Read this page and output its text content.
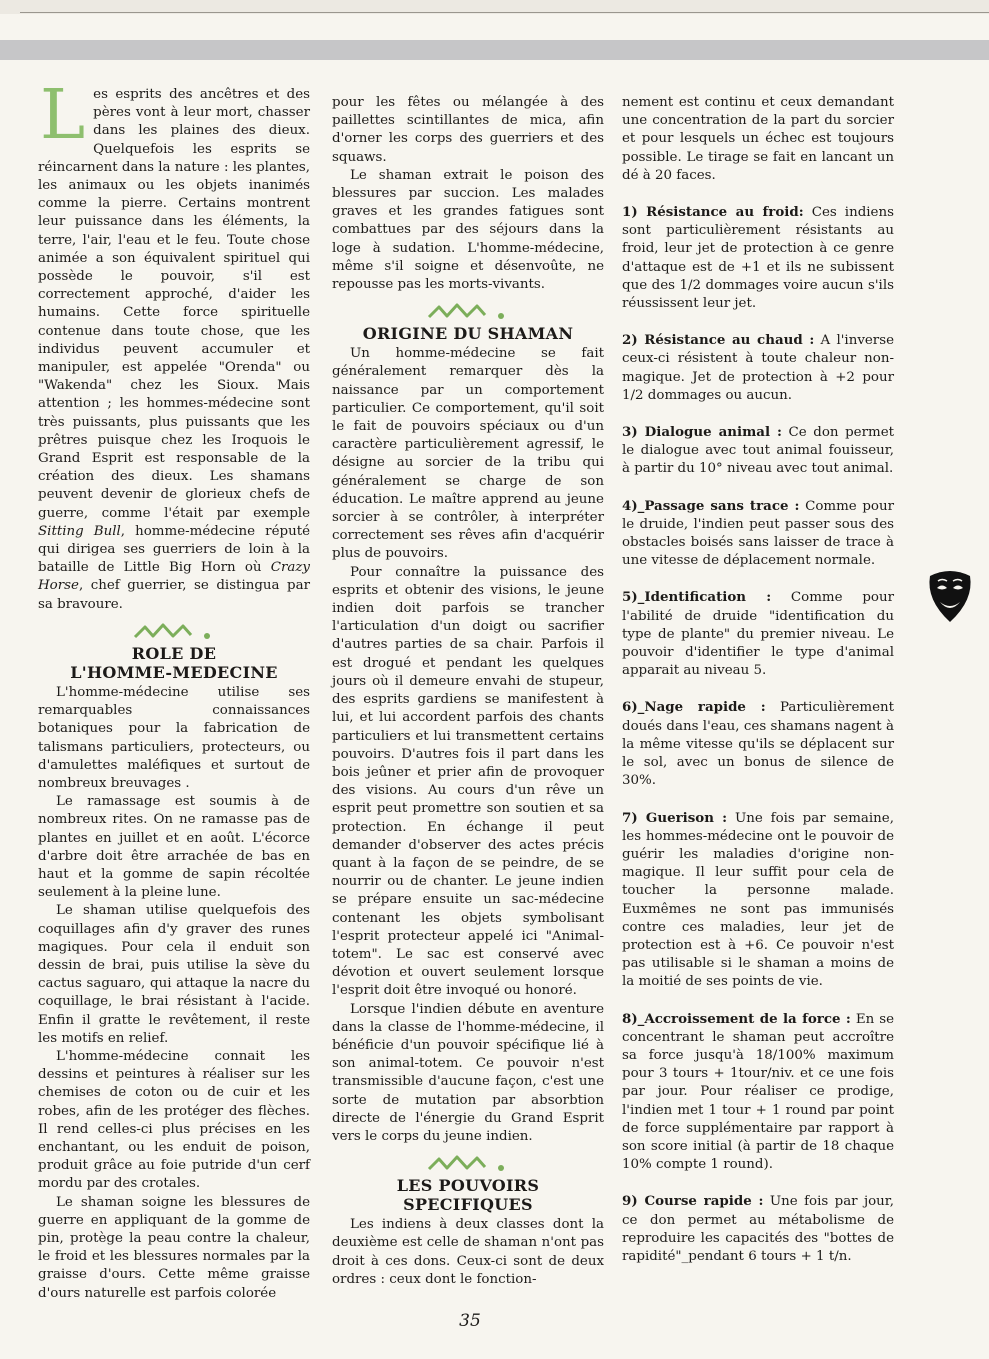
Les esprits des ancêtres et des pères vont à leur mort, chasser dans les plaines des dieux. Quelquefois les esprits se réincarnent dans la nature : les plantes, les animaux ou les objets inanimés comme la pierre. Certains montrent leur puissance dans les éléments, la terre, l'air, l'eau et le feu. Toute chose animée a son équivalent spirituel qui possède le pouvoir, s'il est correctement approché, d'aider les humains. Cette force spirituelle contenue dans toute chose, que les individus peuvent accumuler et manipuler, est appelée "Orenda" ou "Wakenda" chez les Sioux. Mais attention ; les hommes-médecine sont très puissants, plus puissants que les prêtres puisque chez les Iroquois le Grand Esprit est responsable de la création des dieux. Les shamans peuvent devenir de glorieux chefs de guerre, comme l'était par exemple Sitting Bull, homme-médecine réputé qui dirigea ses guerriers de loin à la bataille de Little Big Horn où Crazy Horse, chef guerrier, se distingua par sa bravoure.

ROLE DE
L'HOMME-MEDECINE

L'homme-médecine utilise ses remarquables connaissances botaniques pour la fabrication de talismans particuliers, protecteurs, ou d'amulettes maléfiques et surtout de nombreux breuvages .

Le ramassage est soumis à de nombreux rites. On ne ramasse pas de plantes en juillet et en août. L'écorce d'arbre doit être arrachée de bas en haut et la gomme de sapin récoltée seulement à la pleine lune.

Le shaman utilise quelquefois des coquillages afin d'y graver des runes magiques. Pour cela il enduit son dessin de brai, puis utilise la sève du cactus saguaro, qui attaque la nacre du coquillage, le brai résistant à l'acide. Enfin il gratte le revêtement, il reste les motifs en relief.

L'homme-médecine connait les dessins et peintures à réaliser sur les chemises de coton ou de cuir et les robes, afin de les protéger des flèches. Il rend celles-ci plus précises en les enchantant, ou les enduit de poison, produit grâce au foie putride d'un cerf mordu par des crotales.

Le shaman soigne les blessures de guerre en appliquant de la gomme de pin, protège la peau contre la chaleur, le froid et les blessures normales par la graisse d'ours. Cette même graisse d'ours naturelle est parfois colorée

pour les fêtes ou mélangée à des paillettes scintillantes de mica, afin d'orner les corps des guerriers et des squaws.

Le shaman extrait le poison des blessures par succion. Les malades graves et les grandes fatigues sont combattues par des séjours dans la loge à sudation. L'homme-médecine, même s'il soigne et désenvoûte, ne repousse pas les morts-vivants.

ORIGINE DU SHAMAN

Un homme-médecine se fait généralement remarquer dès la naissance par un comportement particulier. Ce comportement, qu'il soit le fait de pouvoirs spéciaux ou d'un caractère particulièrement agressif, le désigne au sorcier de la tribu qui généralement se charge de son éducation. Le maître apprend au jeune sorcier à se contrôler, à interpréter correctement ses rêves afin d'acquérir plus de pouvoirs.

Pour connaître la puissance des esprits et obtenir des visions, le jeune indien doit parfois se trancher l'articulation d'un doigt ou sacrifier d'autres parties de sa chair. Parfois il est drogué et pendant les quelques jours où il demeure envahi de stupeur, des esprits gardiens se manifestent à lui, et lui accordent parfois des chants particuliers et lui transmettent certains pouvoirs. D'autres fois il part dans les bois jeûner et prier afin de provoquer des visions. Au cours d'un rêve un esprit peut promettre son soutien et sa protection. En échange il peut demander d'observer des actes précis quant à la façon de se peindre, de se nourrir ou de chanter. Le jeune indien se prépare ensuite un sac-médecine contenant les objets symbolisant l'esprit protecteur appelé ici "Animal-totem". Le sac est conservé avec dévotion et ouvert seulement lorsque l'esprit doit être invoqué ou honoré.

Lorsque l'indien débute en aventure dans la classe de l'homme-médecine, il bénéficie d'un pouvoir spécifique lié à son animal-totem. Ce pouvoir n'est transmissible d'aucune façon, c'est une sorte de mutation par absorbtion directe de l'énergie du Grand Esprit vers le corps du jeune indien.

LES POUVOIRS
SPECIFIQUES

Les indiens à deux classes dont la deuxième est celle de shaman n'ont pas droit à ces dons. Ceux-ci sont de deux ordres : ceux dont le fonction-

nement est continu et ceux demandant une concentration de la part du sorcier et pour lesquels un échec est toujours possible. Le tirage se fait en lancant un dé à 20 faces.

1) Résistance au froid: Ces indiens sont particulièrement résistants au froid, leur jet de protection à ce genre d'attaque est de +1 et ils ne subissent que des 1/2 dommages voire aucun s'ils réussissent leur jet.

2) Résistance au chaud : A l'inverse ceux-ci résistent à toute chaleur non-magique. Jet de protection à +2 pour 1/2 dommages ou aucun.

3) Dialogue animal : Ce don permet le dialogue avec tout animal fouisseur, à partir du 10° niveau avec tout animal.

4)_Passage sans trace : Comme pour le druide, l'indien peut passer sous des obstacles boisés sans laisser de trace à une vitesse de déplacement normale.

5)_Identification : Comme pour l'abilité de druide "identification du type de plante" du premier niveau. Le pouvoir d'identifier le type d'animal apparait au niveau 5.

6)_Nage rapide : Particulièrement doués dans l'eau, ces shamans nagent à la même vitesse qu'ils se déplacent sur le sol, avec un bonus de silence de 30%.

7) Guerison : Une fois par semaine, les hommes-médecine ont le pouvoir de guérir les maladies d'origine non-magique. Il leur suffit pour cela de toucher la personne malade. Euxmêmes ne sont pas immunisés contre ces maladies, leur jet de protection est à +6. Ce pouvoir n'est pas utilisable si le shaman a moins de la moitié de ses points de vie.

8)_Accroissement de la force : En se concentrant le shaman peut accroître sa force jusqu'à 18/100% maximum pour 3 tours + 1tour/niv. et ce une fois par jour. Pour réaliser ce prodige, l'indien met 1 tour + 1 round par point de force supplémentaire par rapport à son score initial (à partir de 18 chaque 10% compte 1 round).

9) Course rapide : Une fois par jour, ce don permet au métabolisme de reproduire les capacités des "bottes de rapidité"_pendant 6 tours + 1 t/n.

35
